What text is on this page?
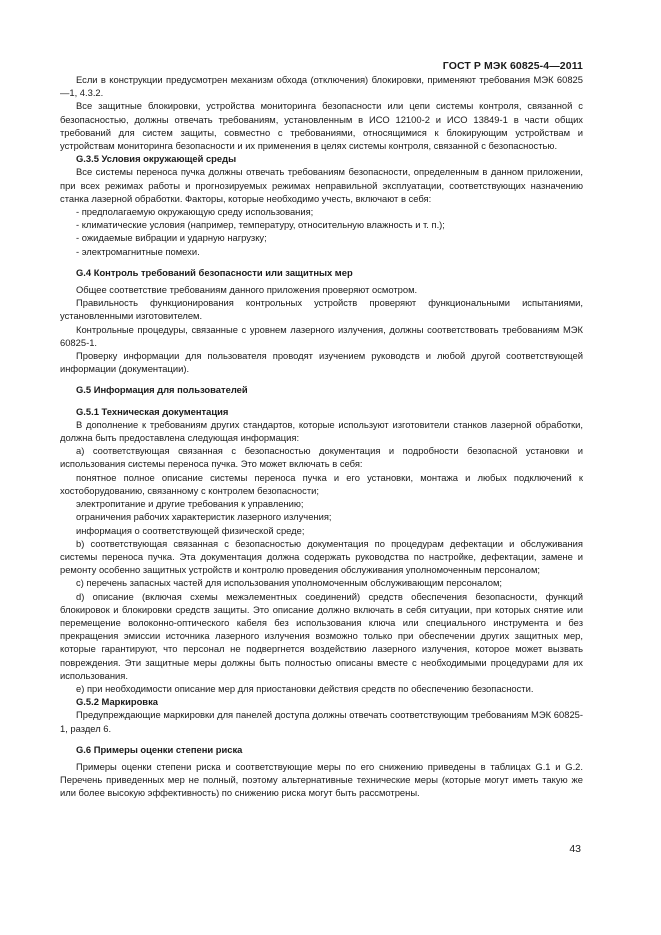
ГОСТ Р МЭК 60825-4—2011

Если в конструкции предусмотрен механизм обхода (отключения) блокировки, применяют требования МЭК 60825—1, 4.3.2.

Все защитные блокировки, устройства мониторинга безопасности или цепи системы контроля, связанной с безопасностью, должны отвечать требованиям, установленным в ИСО 12100-2 и ИСО 13849-1 в части общих требований для систем защиты, совместно с требованиями, относящимися к блокирующим устройствам и устройствам мониторинга безопасности и их применения в целях системы контроля, связанной с безопасностью.

G.3.5 Условия окружающей среды

Все системы переноса пучка должны отвечать требованиям безопасности, определенным в данном приложении, при всех режимах работы и прогнозируемых режимах неправильной эксплуатации, соответствующих назначению станка лазерной обработки. Факторы, которые необходимо учесть, включают в себя:

- предполагаемую окружающую среду использования;

- климатические условия (например, температуру, относительную влажность и т. п.);

- ожидаемые вибрации и ударную нагрузку;

- электромагнитные помехи.

G.4 Контроль требований безопасности или защитных мер

Общее соответствие требованиям данного приложения проверяют осмотром.

Правильность функционирования контрольных устройств проверяют функциональными испытаниями, установленными изготовителем.

Контрольные процедуры, связанные с уровнем лазерного излучения, должны соответствовать требованиям МЭК 60825-1.

Проверку информации для пользователя проводят изучением руководств и любой другой соответствующей информации (документации).

G.5 Информация для пользователей

G.5.1 Техническая документация

В дополнение к требованиям других стандартов, которые используют изготовители станков лазерной обработки, должна быть предоставлена следующая информация:

а) соответствующая связанная с безопасностью документация и подробности безопасной установки и использования системы переноса пучка. Это может включать в себя:

понятное полное описание системы переноса пучка и его установки, монтажа и любых подключений к хостоборудованию, связанному с контролем безопасности;

электропитание и другие требования к управлению;

ограничения рабочих характеристик лазерного излучения;

информация о соответствующей физической среде;

b) соответствующая связанная с безопасностью документация по процедурам дефектации и обслуживания системы переноса пучка. Эта документация должна содержать руководства по настройке, дефектации, замене и ремонту особенно защитных устройств и контролю проведения обслуживания уполномоченным персоналом;

c) перечень запасных частей для использования уполномоченным обслуживающим персоналом;

d) описание (включая схемы межэлементных соединений) средств обеспечения безопасности, функций блокировок и блокировки средств защиты. Это описание должно включать в себя ситуации, при которых снятие или перемещение волоконно-оптического кабеля без использования ключа или специального инструмента и без прекращения эмиссии источника лазерного излучения возможно только при обеспечении других защитных мер, которые гарантируют, что персонал не подвергнется воздействию лазерного излучения, которое может вызвать повреждения. Эти защитные меры должны быть полностью описаны вместе с необходимыми процедурами для их использования.

e) при необходимости описание мер для приостановки действия средств по обеспечению безопасности.

G.5.2 Маркировка

Предупреждающие маркировки для панелей доступа должны отвечать соответствующим требованиям МЭК 60825-1, раздел 6.

G.6 Примеры оценки степени риска

Примеры оценки степени риска и соответствующие меры по его снижению приведены в таблицах G.1 и G.2. Перечень приведенных мер не полный, поэтому альтернативные технические меры (которые могут иметь такую же или более высокую эффективность) по снижению риска могут быть рассмотрены.

43
